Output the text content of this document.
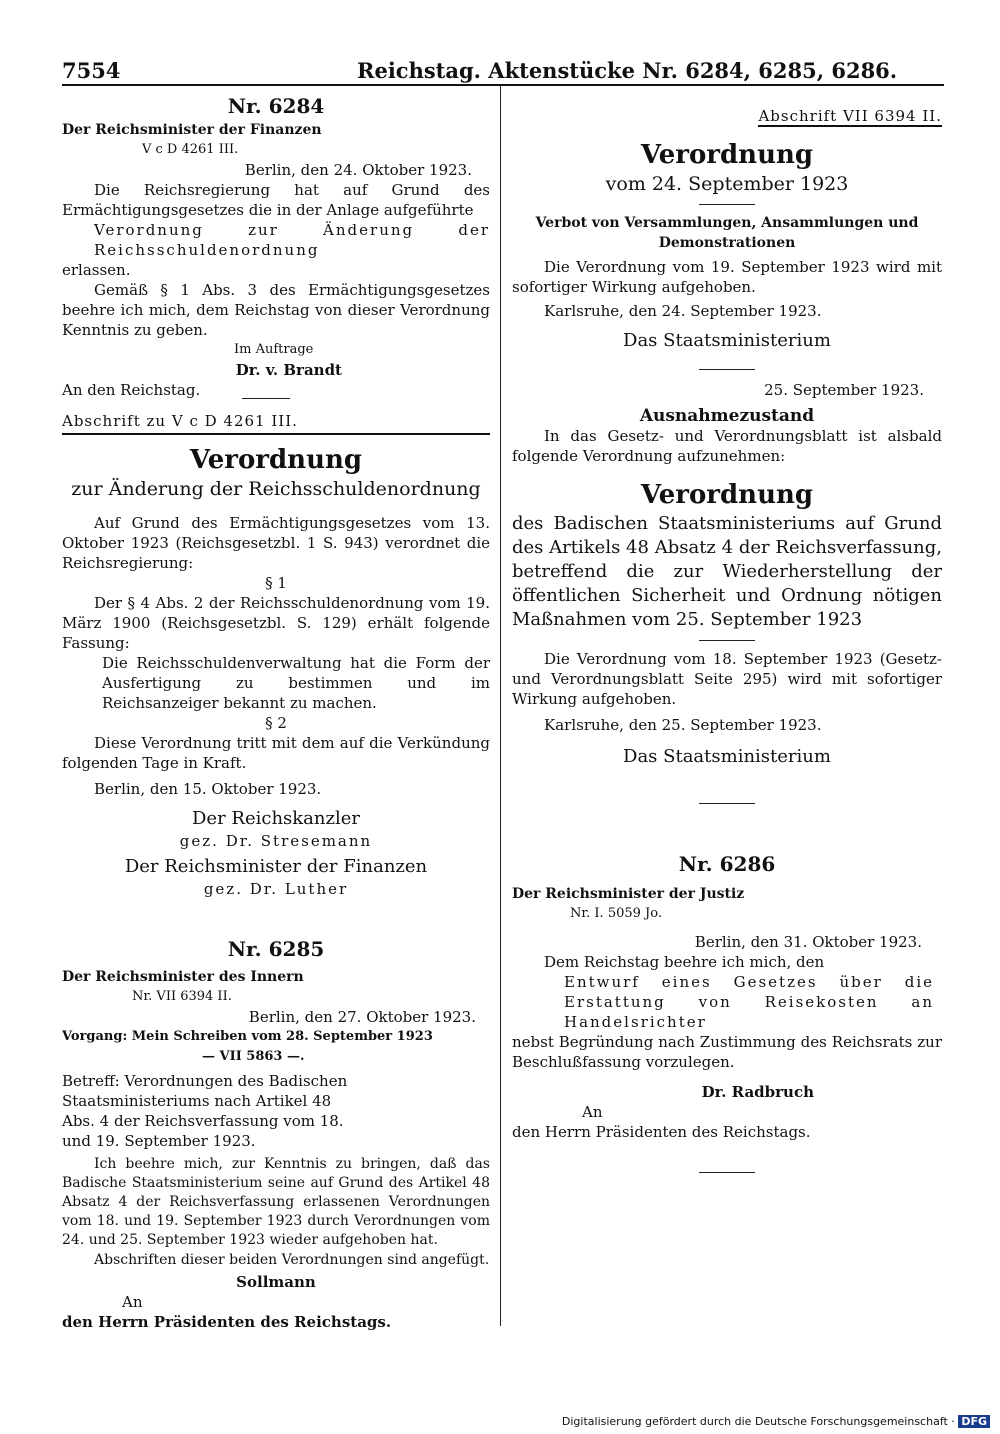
7554	Reichstag. Aktenstücke Nr. 6284, 6285, 6286.

Nr. 6284

Der Reichsminister der Finanzen

V c D 4261 III.

Berlin, den 24. Oktober 1923.

Die Reichsregierung hat auf Grund des Ermächtigungsgesetzes die in der Anlage aufgeführte

Verordnung zur Änderung der Reichsschuldenordnung

erlassen.

Gemäß § 1 Abs. 3 des Ermächtigungsgesetzes beehre ich mich, dem Reichstag von dieser Verordnung Kenntnis zu geben.

Im Auftrage

Dr. v. Brandt

An den Reichstag.

Abschrift zu V c D 4261 III.

Verordnung

zur Änderung der Reichsschuldenordnung

Auf Grund des Ermächtigungsgesetzes vom 13. Oktober 1923 (Reichsgesetzbl. 1 S. 943) verordnet die Reichsregierung:

§ 1

Der § 4 Abs. 2 der Reichsschuldenordnung vom 19. März 1900 (Reichsgesetzbl. S. 129) erhält folgende Fassung:

Die Reichsschuldenverwaltung hat die Form der Ausfertigung zu bestimmen und im Reichsanzeiger bekannt zu machen.

§ 2

Diese Verordnung tritt mit dem auf die Verkündung folgenden Tage in Kraft.

Berlin, den 15. Oktober 1923.

Der Reichskanzler

gez. Dr. Stresemann

Der Reichsminister der Finanzen

gez. Dr. Luther

Nr. 6285

Der Reichsminister des Innern

Nr. VII 6394 II.

Berlin, den 27. Oktober 1923.

Vorgang: Mein Schreiben vom 28. September 1923

— VII 5863 —.

Betreff: Verordnungen des Badischen Staatsministeriums nach Artikel 48 Abs. 4 der Reichsverfassung vom 18. und 19. September 1923.

Ich beehre mich, zur Kenntnis zu bringen, daß das Badische Staatsministerium seine auf Grund des Artikel 48 Absatz 4 der Reichsverfassung erlassenen Verordnungen vom 18. und 19. September 1923 durch Verordnungen vom 24. und 25. September 1923 wieder aufgehoben hat.

Abschriften dieser beiden Verordnungen sind angefügt.

Sollmann

An

den Herrn Präsidenten des Reichstags.

Abschrift VII 6394 II.

Verordnung

vom 24. September 1923

Verbot von Versammlungen, Ansammlungen und Demonstrationen

Die Verordnung vom 19. September 1923 wird mit sofortiger Wirkung aufgehoben.

Karlsruhe, den 24. September 1923.

Das Staatsministerium

25. September 1923.

Ausnahmezustand

In das Gesetz- und Verordnungsblatt ist alsbald folgende Verordnung aufzunehmen:

Verordnung

des Badischen Staatsministeriums auf Grund des Artikels 48 Absatz 4 der Reichsverfassung, betreffend die zur Wiederherstellung der öffentlichen Sicherheit und Ordnung nötigen Maßnahmen vom 25. September 1923

Die Verordnung vom 18. September 1923 (Gesetz- und Verordnungsblatt Seite 295) wird mit sofortiger Wirkung aufgehoben.

Karlsruhe, den 25. September 1923.

Das Staatsministerium

Nr. 6286

Der Reichsminister der Justiz

Nr. I. 5059 Jo.

Berlin, den 31. Oktober 1923.

Dem Reichstag beehre ich mich, den

Entwurf eines Gesetzes über die Erstattung von Reisekosten an Handelsrichter

nebst Begründung nach Zustimmung des Reichsrats zur Beschlußfassung vorzulegen.

Dr. Radbruch

An

den Herrn Präsidenten des Reichstags.

Digitalisierung gefördert durch die Deutsche Forschungsgemeinschaft · DFG
